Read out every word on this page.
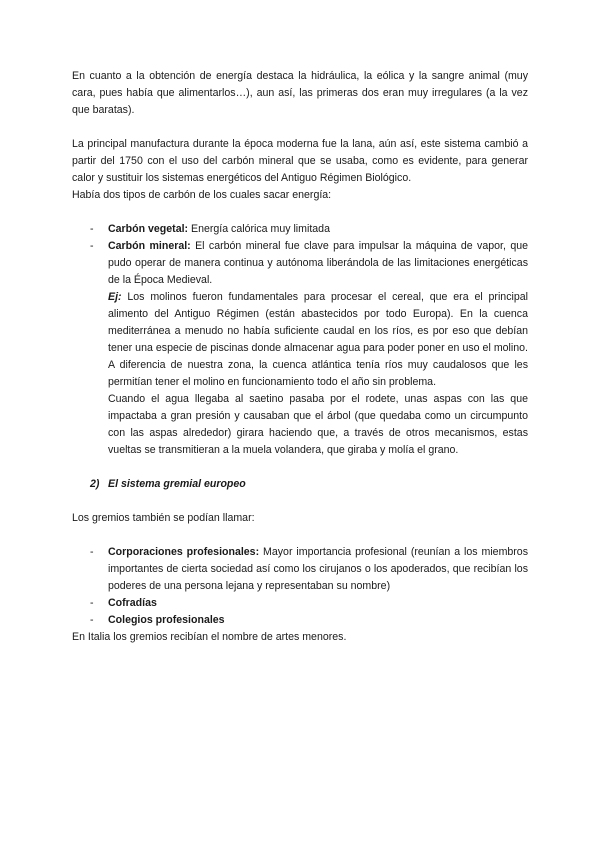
En cuanto a la obtención de energía destaca la hidráulica, la eólica y la sangre animal (muy cara, pues había que alimentarlos…), aun así, las primeras dos eran muy irregulares (a la vez que baratas).

La principal manufactura durante la época moderna fue la lana, aún así, este sistema cambió a partir del 1750 con el uso del carbón mineral que se usaba, como es evidente, para generar calor y sustituir los sistemas energéticos del Antiguo Régimen Biológico.

Había dos tipos de carbón de los cuales sacar energía:

- Carbón vegetal: Energía calórica muy limitada
- Carbón mineral: El carbón mineral fue clave para impulsar la máquina de vapor, que pudo operar de manera continua y autónoma liberándola de las limitaciones energéticas de la Época Medieval.

Ej: Los molinos fueron fundamentales para procesar el cereal, que era el principal alimento del Antiguo Régimen (están abastecidos por todo Europa). En la cuenca mediterránea a menudo no había suficiente caudal en los ríos, es por eso que debían tener una especie de piscinas donde almacenar agua para poder poner en uso el molino. A diferencia de nuestra zona, la cuenca atlántica tenía ríos muy caudalosos que les permitían tener el molino en funcionamiento todo el año sin problema.

Cuando el agua llegaba al saetino pasaba por el rodete, unas aspas con las que impactaba a gran presión y causaban que el árbol (que quedaba como un circumpunto con las aspas alrededor) girara haciendo que, a través de otros mecanismos, estas vueltas se transmitieran a la muela volandera, que giraba y molía el grano.

2) El sistema gremial europeo

Los gremios también se podían llamar:

- Corporaciones profesionales: Mayor importancia profesional (reunían a los miembros importantes de cierta sociedad así como los cirujanos o los apoderados, que recibían los poderes de una persona lejana y representaban su nombre)
- Cofradías
- Colegios profesionales

En Italia los gremios recibían el nombre de artes menores.
